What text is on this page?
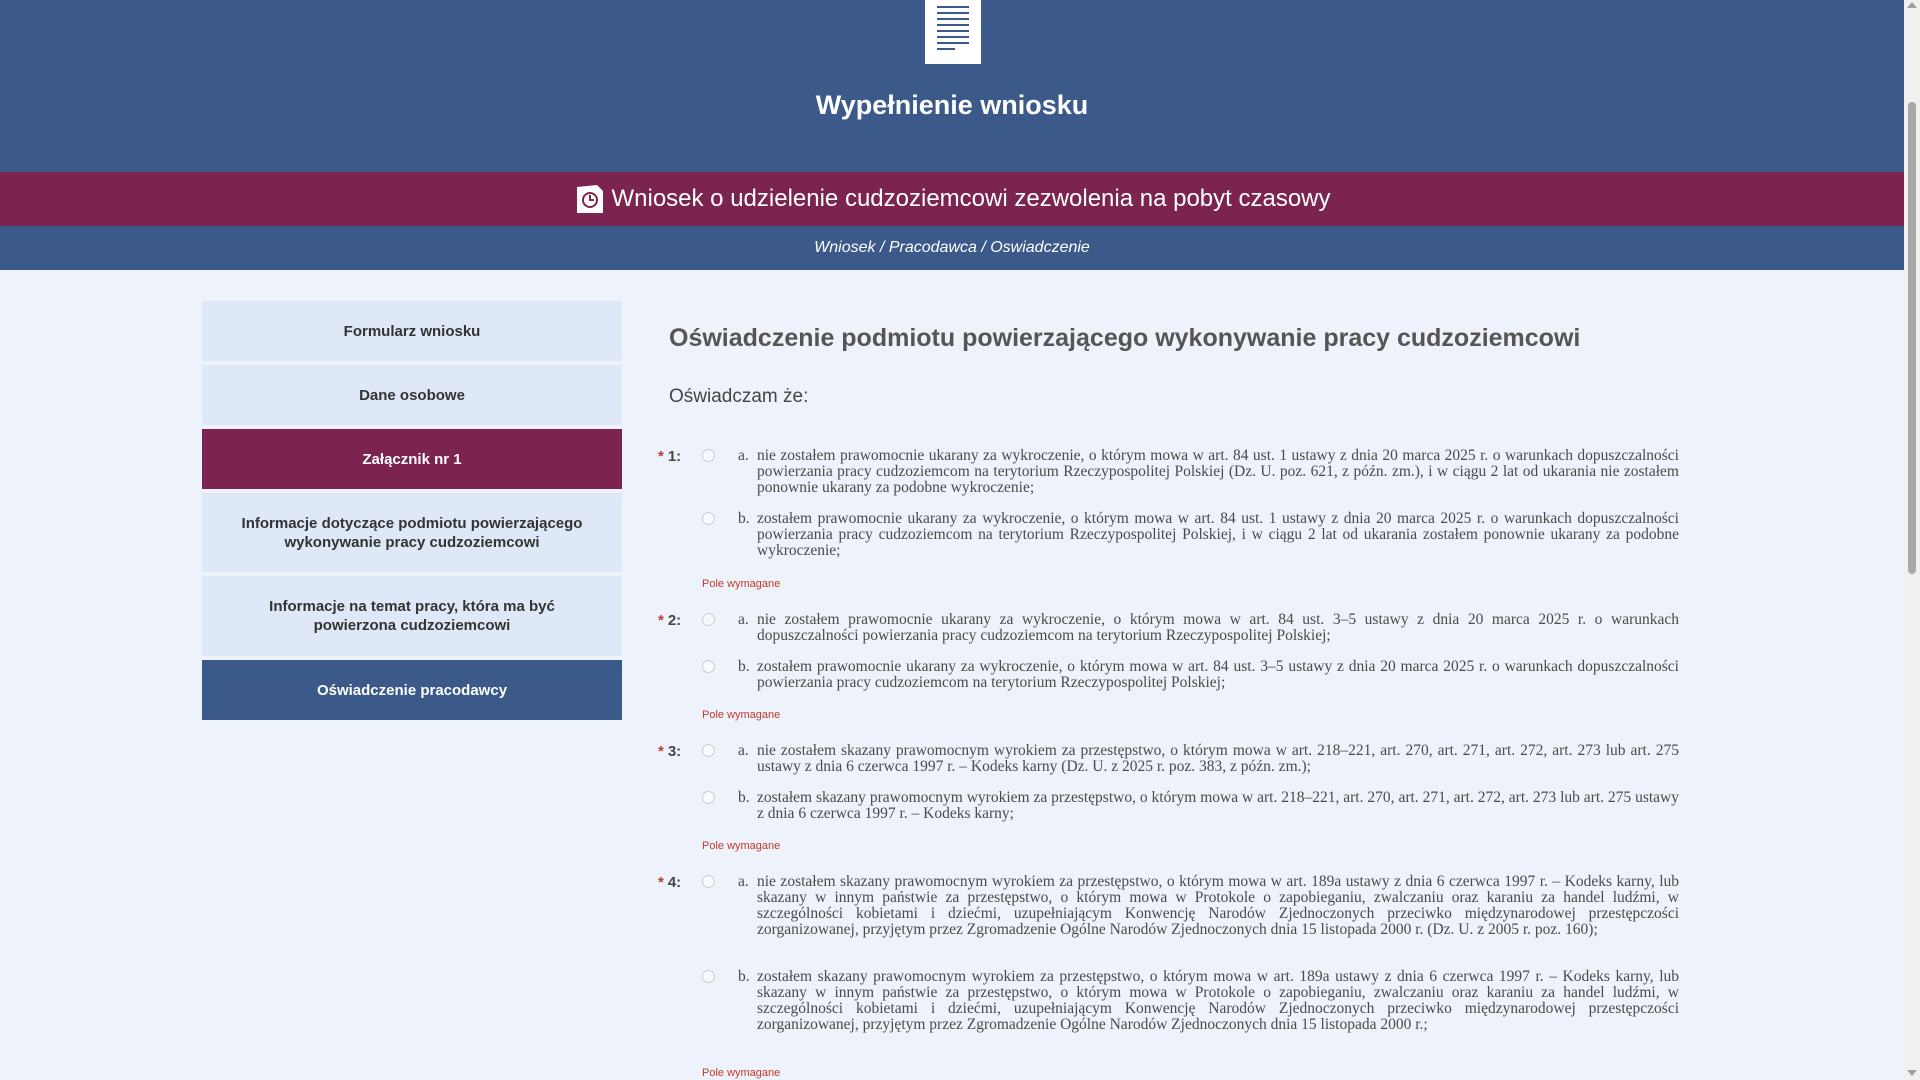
Wypełnienie wniosku
Wniosek o udzielenie cudzoziemcowi zezwolenia na pobyt czasowy
Wniosek / Pracodawca / Oswiadczenie
Formularz wniosku
Dane osobowe
Załącznik nr 1
Informacje dotyczące podmiotu powierzającego wykonywanie pracy cudzoziemcowi
Informacje na temat pracy, która ma być powierzona cudzoziemcowi
Oświadczenie pracodawcy
Oświadczenie podmiotu powierzającego wykonywanie pracy cudzoziemcowi
Oświadczam że:
* 1:	a. nie zostałem prawomocnie ukarany za wykroczenie, o którym mowa w art. 84 ust. 1 ustawy z dnia 20 marca 2025 r. o warunkach dopuszczalności powierzania pracy cudzoziemcom na terytorium Rzeczypospolitej Polskiej (Dz. U. poz. 621, z późn. zm.), i w ciągu 2 lat od ukarania nie zostałem ponownie ukarany za podobne wykroczenie;
b. zostałem prawomocnie ukarany za wykroczenie, o którym mowa w art. 84 ust. 1 ustawy z dnia 20 marca 2025 r. o warunkach dopuszczalności powierzania pracy cudzoziemcom na terytorium Rzeczypospolitej Polskiej, i w ciągu 2 lat od ukarania zostałem ponownie ukarany za podobne wykroczenie;
Pole wymagane
* 2:	a. nie zostałem prawomocnie ukarany za wykroczenie, o którym mowa w art. 84 ust. 3–5 ustawy z dnia 20 marca 2025 r. o warunkach dopuszczalności powierzania pracy cudzoziemcom na terytorium Rzeczypospolitej Polskiej;
b. zostałem prawomocnie ukarany za wykroczenie, o którym mowa w art. 84 ust. 3–5 ustawy z dnia 20 marca 2025 r. o warunkach dopuszczalności powierzania pracy cudzoziemcom na terytorium Rzeczypospolitej Polskiej;
Pole wymagane
* 3:	a. nie zostałem skazany prawomocnym wyrokiem za przestępstwo, o którym mowa w art. 218–221, art. 270, art. 271, art. 272, art. 273 lub art. 275 ustawy z dnia 6 czerwca 1997 r. – Kodeks karny (Dz. U. z 2025 r. poz. 383, z późn. zm.);
b. zostałem skazany prawomocnym wyrokiem za przestępstwo, o którym mowa w art. 218–221, art. 270, art. 271, art. 272, art. 273 lub art. 275 ustawy z dnia 6 czerwca 1997 r. – Kodeks karny;
Pole wymagane
* 4:	a. nie zostałem skazany prawomocnym wyrokiem za przestępstwo, o którym mowa w art. 189a ustawy z dnia 6 czerwca 1997 r. – Kodeks karny, lub skazany w innym państwie za przestępstwo, o którym mowa w Protokole o zapobieganiu, zwalczaniu oraz karaniu za handel ludźmi, w szczególności kobietami i dziećmi, uzupełniającym Konwencję Narodów Zjednoczonych przeciwko międzynarodowej przestępczości zorganizowanej, przyjętym przez Zgromadzenie Ogólne Narodów Zjednoczonych dnia 15 listopada 2000 r. (Dz. U. z 2005 r. poz. 160);
b. zostałem skazany prawomocnym wyrokiem za przestępstwo, o którym mowa w art. 189a ustawy z dnia 6 czerwca 1997 r. – Kodeks karny, lub skazany w innym państwie za przestępstwo, o którym mowa w Protokole o zapobieganiu, zwalczaniu oraz karaniu za handel ludźmi, w szczególności kobietami i dziećmi, uzupełniającym Konwencję Narodów Zjednoczonych przeciwko międzynarodowej przestępczości zorganizowanej, przyjętym przez Zgromadzenie Ogólne Narodów Zjednoczonych dnia 15 listopada 2000 r.;
Pole wymagane
